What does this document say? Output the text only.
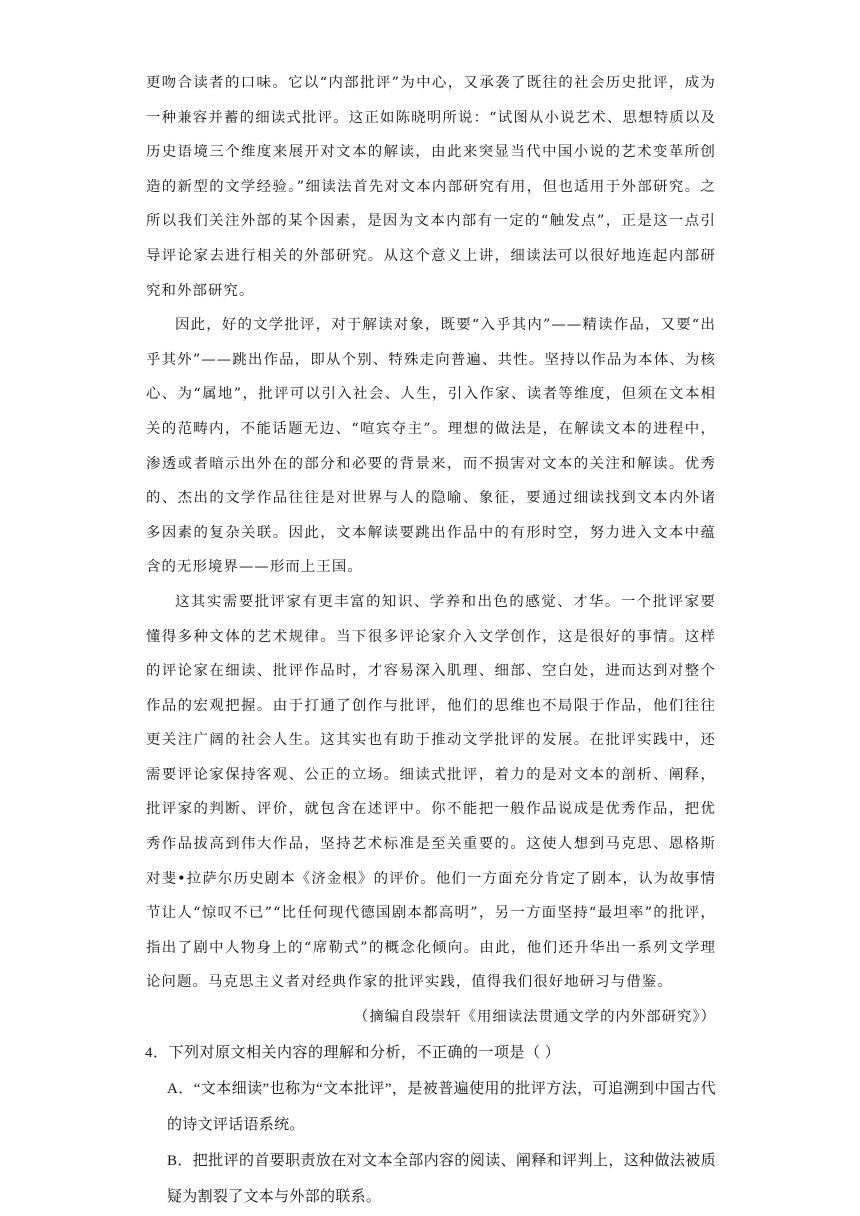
更吻合读者的口味。它以“内部批评”为中心，又承袭了既往的社会历史批评，成为一种兼容并蓄的细读式批评。这正如陈晓明所说：“试图从小说艺术、思想特质以及历史语境三个维度来展开对文本的解读，由此来突显当代中国小说的艺术变革所创造的新型的文学经验。”细读法首先对文本内部研究有用，但也适用于外部研究。之所以我们关注外部的某个因素，是因为文本内部有一定的“触发点”，正是这一点引导评论家去进行相关的外部研究。从这个意义上讲，细读法可以很好地连起内部研究和外部研究。

因此，好的文学批评，对于解读对象，既要“入乎其内”——精读作品，又要“出乎其外”——跳出作品，即从个别、特殊走向普遍、共性。坚持以作品为本体、为核心、为“属地”，批评可以引入社会、人生，引入作家、读者等维度，但须在文本相关的范畴内，不能话题无边、“喧宾夺主”。理想的做法是，在解读文本的进程中，渗透或者暗示出外在的部分和必要的背景来，而不损害对文本的关注和解读。优秀的、杰出的文学作品往往是对世界与人的隐喻、象征，要通过细读找到文本内外诸多因素的复杂关联。因此，文本解读要跳出作品中的有形时空，努力进入文本中蕴含的无形境界——形而上王国。

这其实需要批评家有更丰富的知识、学养和出色的感觉、才华。一个批评家要懂得多种文体的艺术规律。当下很多评论家介入文学创作，这是很好的事情。这样的评论家在细读、批评作品时，才容易深入肌理、细部、空白处，进而达到对整个作品的宏观把握。由于打通了创作与批评，他们的思维也不局限于作品，他们往往更关注广阔的社会人生。这其实也有助于推动文学批评的发展。在批评实践中，还需要评论家保持客观、公正的立场。细读式批评，着力的是对文本的剖析、阐释，批评家的判断、评价，就包含在述评中。你不能把一般作品说成是优秀作品，把优秀作品拔高到伟大作品，坚持艺术标准是至关重要的。这使人想到马克思、恩格斯对斐•拉萨尔历史剧本《济金根》的评价。他们一方面充分肯定了剧本，认为故事情节让人“惊叹不已”“比任何现代德国剧本都高明”，另一方面坚持“最坦率”的批评，指出了剧中人物身上的“席勒式”的概念化倾向。由此，他们还升华出一系列文学理论问题。马克思主义者对经典作家的批评实践，值得我们很好地研习与借鉴。

（摘编自段崇轩《用细读法贯通文学的内外部研究》）

4．下列对原文相关内容的理解和分析，不正确的一项是（ ）

A．“文本细读”也称为“文本批评”，是被普遍使用的批评方法，可追溯到中国古代的诗文评话语系统。

B．把批评的首要职责放在对文本全部内容的阅读、阐释和评判上，这种做法被质疑为割裂了文本与外部的联系。
